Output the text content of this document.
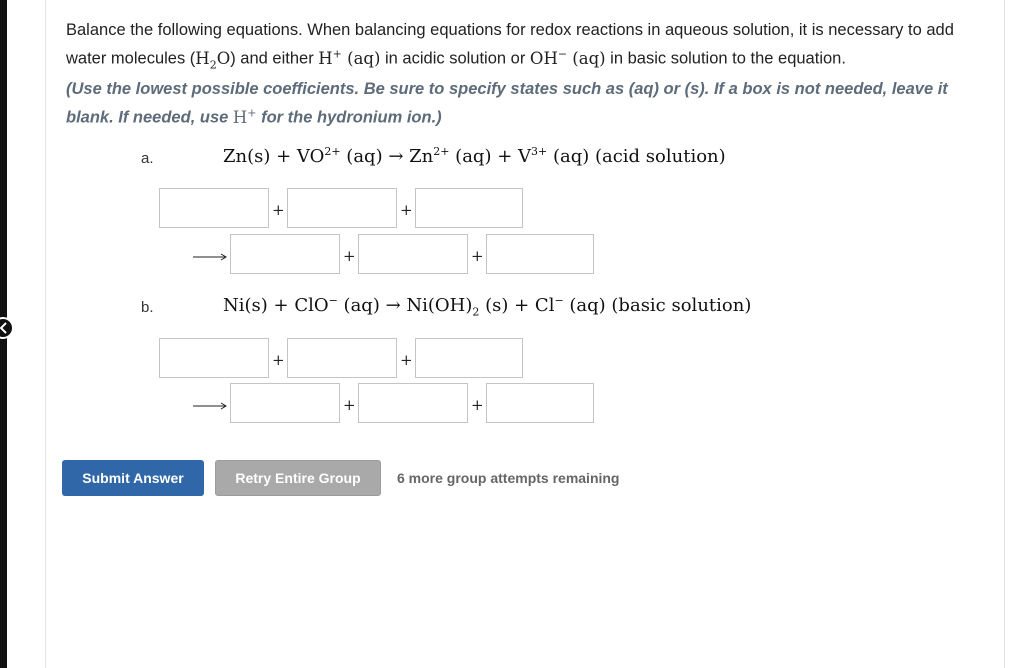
Balance the following equations. When balancing equations for redox reactions in aqueous solution, it is necessary to add water molecules $(H_2O)$ and either H+ (aq) in acidic solution or OH− (aq) in basic solution to the equation.
(Use the lowest possible coefficients. Be sure to specify states such as (aq) or (s). If a box is not needed, leave it blank. If needed, use H+ for the hydronium ion.)
a.	$Zn(s) + VO^{2+}$ $(aq) \to Zn^{2+}$ $(aq) + V^{3+}$ (aq) (acid solution)
+	+
+	+
b.	Ni(s) + ClO− $(aq) \to Ni(OH)_2$ (s) + Cl− (aq) (basic solution)
+	+
+	+
Submit Answer	Retry Entire Group	6 more group attempts remaining
